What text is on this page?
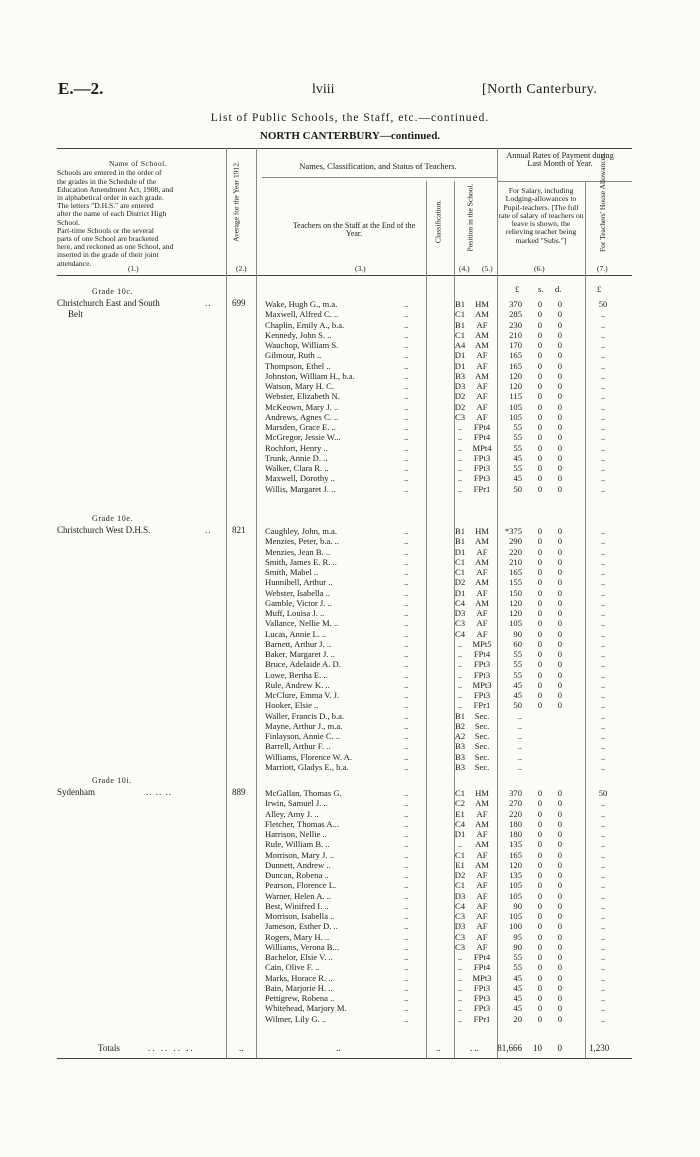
E.—2.	lviii	[North Canterbury.
List of Public Schools, the Staff, etc.—continued.
NORTH CANTERBURY—continued.
Name of School.
Schools are entered in the order of
the grades in the Schedule of the
Education Amendment Act, 1908, and
in alphabetical order in each grade.
The letters "D.H.S." are entered
after the name of each District High
School.
Part-time Schools or the several
parts of one School are bracketed
here, and reckoned as one School, and
inserted in the grade of their joint
attendance.
Average for the Year 1912.	Names, Classification, and Status of Teachers.
Teachers on the Staff at the End of the Year.	Classification.	Position in the School.
Annual Rates of Payment during Last Month of Year.
For Salary, including Lodging-allowances to Pupil-teachers. [The full rate of salary of teachers on leave is shown, the relieving teacher being marked "Subs."]	For Teachers' House Allowances.
(1.)	(2.)	(3.)	(4.) (5.)	(6.)	(7.)
£ s. d.	£
Grade 10c.
Christchurch East and South
Belt
.. 699 Wake, Hugh G., m.a.	B1	HM	370	0	0	50
..
Maxwell, Alfred C. ..	C1	AM	285	0	0	..
..
Chaplin, Emily A., b.a.	B1	AF	230	0	0	..
..
Kennedy, John S. ..	C1	AM	210	0	0	..
..
Wauchop, William S.	A4	AM	170	0	0	..
..
Gilmour, Ruth ..	D1	AF	165	0	0	..
..
Thompson, Ethel ..	D1	AF	165	0	0	..
..
Johnston, William H., b.a.	B3	AM	120	0	0	..
..
Watson, Mary H. C.	D3	AF	120	0	0	..
..
Webster, Elizabeth N.	D2	AF	115	0	0	..
..
McKeown, Mary J. ..	D2	AF	105	0	0	..
..
Andrews, Agnes C. ..	C3	AF	105	0	0	..
..
Marsden, Grace E. ..	..	FPt4	55	0	0	..
..
McGregor, Jessie W...	..	FPt4	55	0	0	..
..
Rochfort, Henry ..	..	MPt4	55	0	0	..
..
Trunk, Annie D. ..	..	FPt3	45	0	0	..
..
Walker, Clara R. ..	..	FPt3	55	0	0	..
..
Maxwell, Dorothy ..	..	FPt3	45	0	0	..
..
Willis, Margaret J. ..	..	FPr1	50	0	0	..
..
Grade 10e.
Christchurch West D.H.S.	.. 821 Caughley, John, m.a.	B1	HM	*375	0	0	..
..
Menzies, Peter, b.a. ..	B1	AM	290	0	0	..
..
Menzies, Jean B. ..	D1	AF	220	0	0	..
..
Smith, James E. R. ..	C1	AM	210	0	0	..
..
Smith, Mabel ..	C1	AF	165	0	0	..
..
Hunnibell, Arthur ..	D2	AM	155	0	0	..
..
Webster, Isabella ..	D1	AF	150	0	0	..
..
Gamble, Victor J. ..	C4	AM	120	0	0	..
..
Muff, Louisa J. ..	D3	AF	120	0	0	..
..
Vallance, Nellie M. ..	C3	AF	105	0	0	..
..
Lucas, Annie L. ..	C4	AF	90	0	0	..
..
Barnett, Arthur J. ..	..	MPt5	60	0	0	..
..
Baker, Margaret J. ..	..	FPt4	55	0	0	..
..
Bruce, Adelaide A. D.	..	FPt3	55	0	0	..
..
Lowe, Bertha E. ..	..	FPt3	55	0	0	..
..
Rule, Andrew K. ..	..	MPt3	45	0	0	..
..
McClure, Emma V. J.	..	FPt3	45	0	0	..
..
Hooker, Elsie ..	..	FPr1	50	0	0	..
..
Waller, Francis D., b.a.	B1	Sec.	..	..
..
Mayne, Arthur J., m.a.	B2	Sec.	..	..
..
Finlayson, Annie C. ..	A2	Sec.	..	..
..
Barrell, Arthur F. ..	B3	Sec.	..	..
..
Williams, Florence W. A.	B3	Sec.	..	..
..
Marriott, Gladys E., b.a.	B3	Sec.	..	..
..
Grade 10i.
Sydenham	.. .. ..	889 McGallan, Thomas G.	C1	HM	370	0	0	50
..
Irwin, Samuel J. ..	C2	AM	270	0	0	..
..
Alley, Amy J. ..	E1	AF	220	0	0	..
..
Fletcher, Thomas A...	C4	AM	180	0	0	..
..
Harrison, Nellie ..	D1	AF	180	0	0	..
..
Rule, William B. ..	..	AM	135	0	0	..
..
Morrison, Mary J. ..	C1	AF	165	0	0	..
..
Dunnett, Andrew ..	E1	AM	120	0	0	..
..
Duncan, Robena ..	D2	AF	135	0	0	..
..
Pearson, Florence L.	C1	AF	105	0	0	..
..
Warner, Helen A. ..	D3	AF	105	0	0	..
..
Best, Winifred I. ..	C4	AF	90	0	0	..
..
Morrison, Isabella ..	C3	AF	105	0	0	..
..
Jameson, Esther D. ..	D3	AF	100	0	0	..
..
Rogers, Mary H. ..	C3	AF	95	0	0	..
..
Williams, Verona B...	C3	AF	90	0	0	..
..
Bachelor, Elsie V. ..	..	FPt4	55	0	0	..
..
Cain, Olive F. ..	..	FPt4	55	0	0	..
..
Marks, Horace R. ..	..	MPt3	45	0	0	..
..
Bain, Marjorie H. ..	..	FPt3	45	0	0	..
..
Pettigrew, Robena ..	..	FPt3	45	0	0	..
..
Whitehead, Marjory M.	..	FPt3	45	0	0	..
..
Wilmer, Lily G. ..	..	FPr1	20	0	0	..
..
Totals	.. .. .. ..	..	..	..	. ..	81,666	10	0	1,230
